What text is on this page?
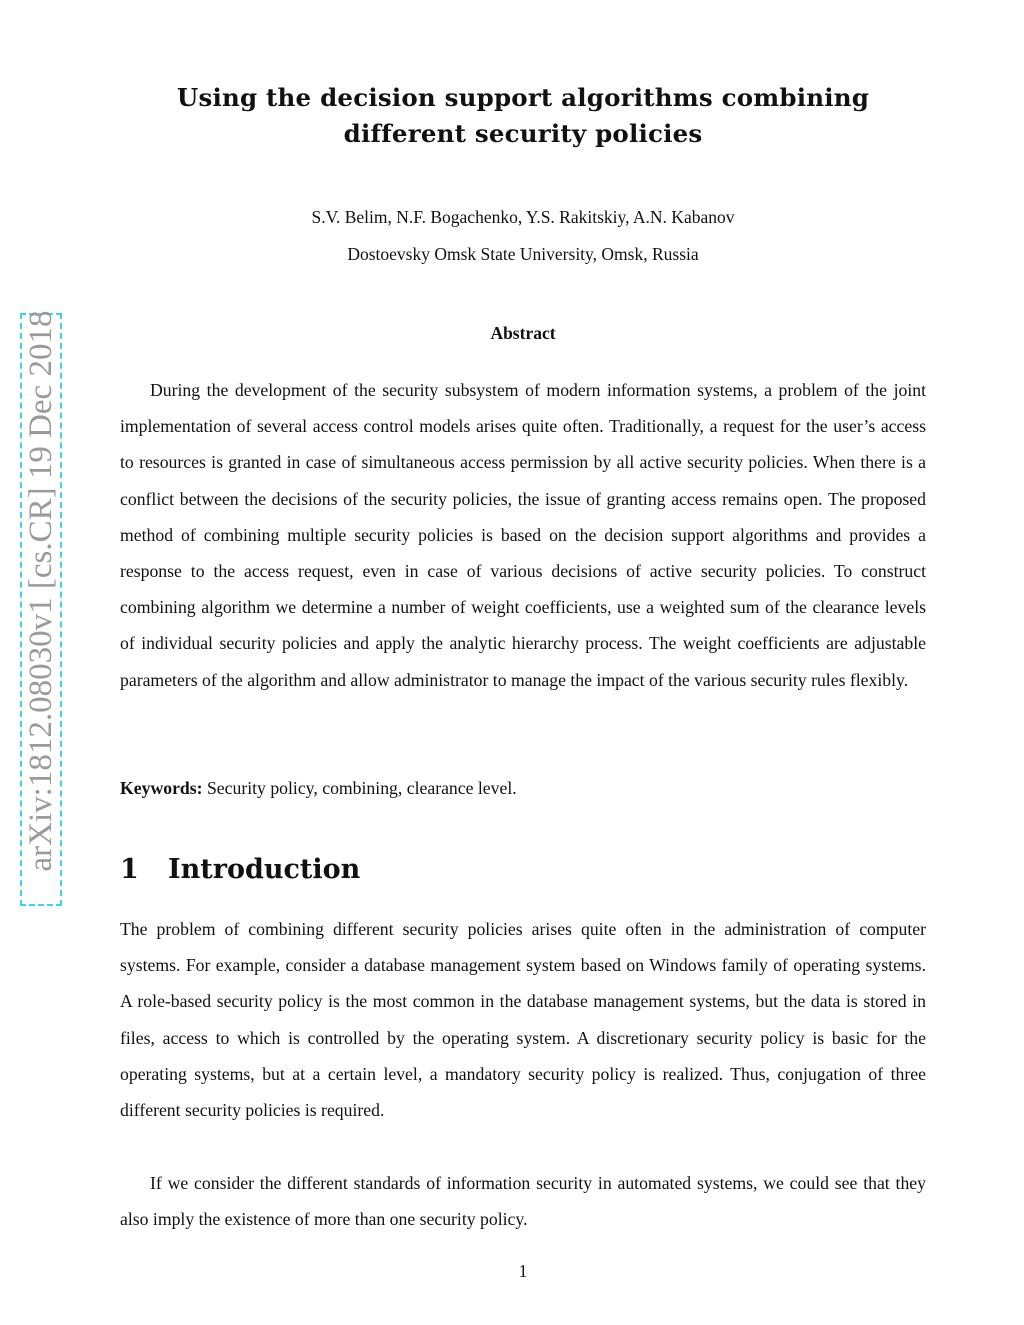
arXiv:1812.08030v1 [cs.CR] 19 Dec 2018
Using the decision support algorithms combining
different security policies
S.V. Belim, N.F. Bogachenko, Y.S. Rakitskiy, A.N. Kabanov
Dostoevsky Omsk State University, Omsk, Russia
Abstract

During the development of the security subsystem of modern information systems, a problem of the joint implementation of several access control models arises quite often. Traditionally, a request for the user’s access to resources is granted in case of simultaneous access permission by all active security policies. When there is a conflict between the decisions of the security policies, the issue of granting access remains open. The proposed method of combining multiple security policies is based on the decision support algorithms and provides a response to the access request, even in case of various decisions of active security policies. To construct combining algorithm we determine a number of weight coefficients, use a weighted sum of the clearance levels of individual security policies and apply the analytic hierarchy process. The weight coefficients are adjustable parameters of the algorithm and allow administrator to manage the impact of the various security rules flexibly.

Keywords: Security policy, combining, clearance level.
1 Introduction

The problem of combining different security policies arises quite often in the administration of computer systems. For example, consider a database management system based on Windows family of operating systems. A role-based security policy is the most common in the database management systems, but the data is stored in files, access to which is controlled by the operating system. A discretionary security policy is basic for the operating systems, but at a certain level, a mandatory security policy is realized. Thus, conjugation of three different security policies is required.

If we consider the different standards of information security in automated systems, we could see that they also imply the existence of more than one security policy.

1
